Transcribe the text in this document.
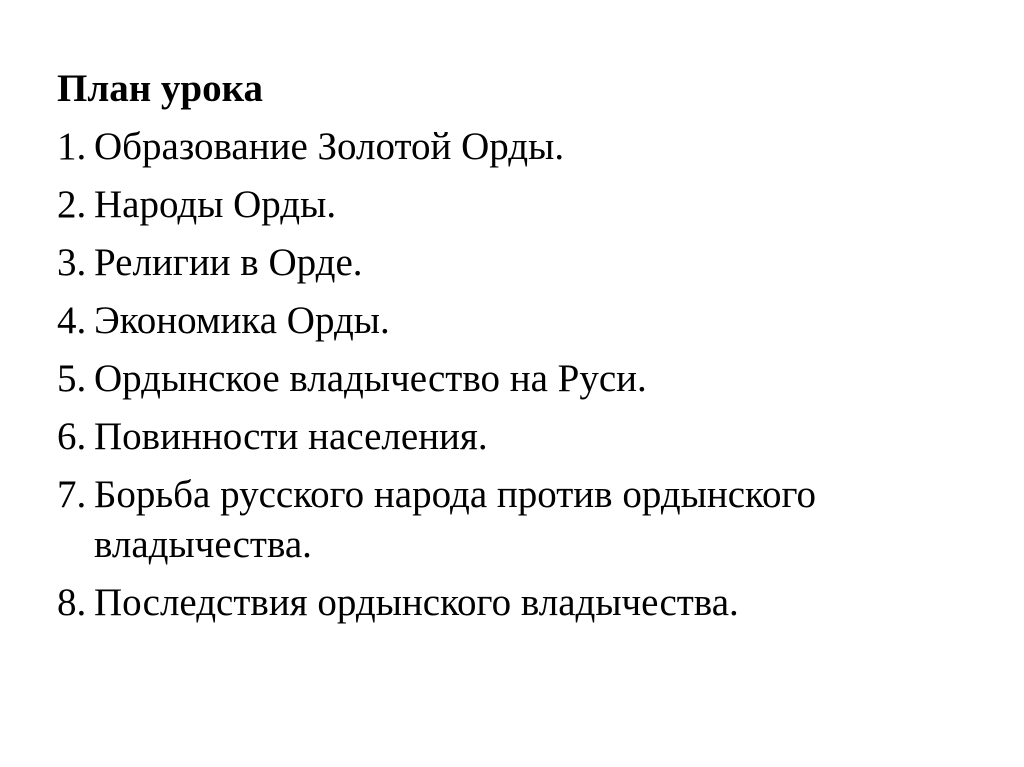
План урока
1. Образование Золотой Орды.
2. Народы Орды.
3. Религии в Орде.
4. Экономика Орды.
5. Ордынское владычество на Руси.
6. Повинности населения.
7. Борьба русского народа против ордынского владычества.
8. Последствия ордынского владычества.
